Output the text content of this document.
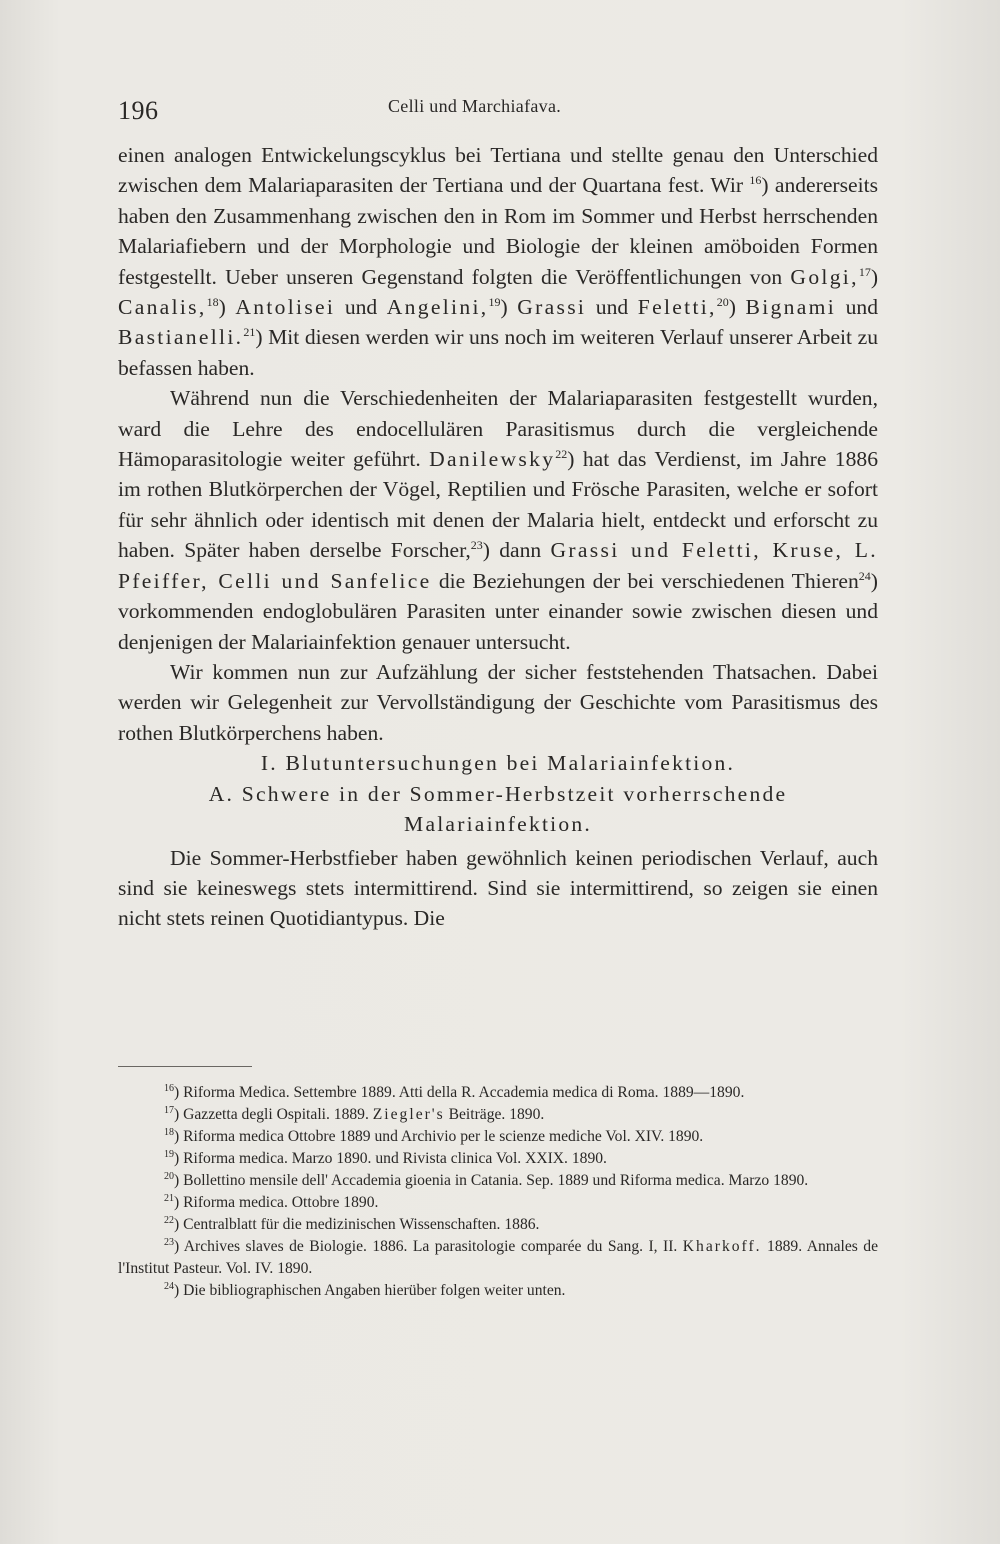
196	Celli und Marchiafava.

einen analogen Entwickelungscyklus bei Tertiana und stellte genau den Unterschied zwischen dem Malariaparasiten der Tertiana und der Quartana fest. Wir $^{16}$) andererseits haben den Zusammenhang zwischen den in Rom im Sommer und Herbst herrschenden Malariafiebern und der Morphologie und Biologie der kleinen amöboiden Formen festgestellt. Ueber unseren Gegenstand folgten die Veröffentlichungen von Golgi,$^{17}$) Canalis,$^{18}$) Antolisei und Angelini,$^{19}$) Grassi und Feletti,$^{20}$) Bignami und Bastianelli.$^{21}$) Mit diesen werden wir uns noch im weiteren Verlauf unserer Arbeit zu befassen haben.

Während nun die Verschiedenheiten der Malariaparasiten festgestellt wurden, ward die Lehre des endocellulären Parasitismus durch die vergleichende Hämoparasitologie weiter geführt. Danilewsky$^{22}$) hat das Verdienst, im Jahre 1886 im rothen Blutkörperchen der Vögel, Reptilien und Frösche Parasiten, welche er sofort für sehr ähnlich oder identisch mit denen der Malaria hielt, entdeckt und erforscht zu haben. Später haben derselbe Forscher,$^{23}$) dann Grassi und Feletti, Kruse, L. Pfeiffer, Celli und Sanfelice die Beziehungen der bei verschiedenen Thieren$^{24}$) vorkommenden endoglobulären Parasiten unter einander sowie zwischen diesen und denjenigen der Malariainfektion genauer untersucht.

Wir kommen nun zur Aufzählung der sicher feststehenden Thatsachen. Dabei werden wir Gelegenheit zur Vervollständigung der Geschichte vom Parasitismus des rothen Blutkörperchens haben.

I. Blutuntersuchungen bei Malariainfektion.

A. Schwere in der Sommer-Herbstzeit vorherrschende

Malariainfektion.

Die Sommer-Herbstfieber haben gewöhnlich keinen periodischen Verlauf, auch sind sie keineswegs stets intermittirend. Sind sie intermittirend, so zeigen sie einen nicht stets reinen Quotidiantypus. Die

$^{16}$) Riforma Medica. Settembre 1889. Atti della R. Accademia medica di Roma. 1889—1890.

$^{17}$) Gazzetta degli Ospitali. 1889. Ziegler's Beiträge. 1890.

$^{18}$) Riforma medica Ottobre 1889 und Archivio per le scienze mediche Vol. XIV. 1890.

$^{19}$) Riforma medica. Marzo 1890. und Rivista clinica Vol. XXIX. 1890.

$^{20}$) Bollettino mensile dell' Accademia gioenia in Catania. Sep. 1889 und Riforma medica. Marzo 1890.

$^{21}$) Riforma medica. Ottobre 1890.

$^{22}$) Centralblatt für die medizinischen Wissenschaften. 1886.

$^{23}$) Archives slaves de Biologie. 1886. La parasitologie comparée du Sang. I, II. Kharkoff. 1889. Annales de l'Institut Pasteur. Vol. IV. 1890.

$^{24}$) Die bibliographischen Angaben hierüber folgen weiter unten.
